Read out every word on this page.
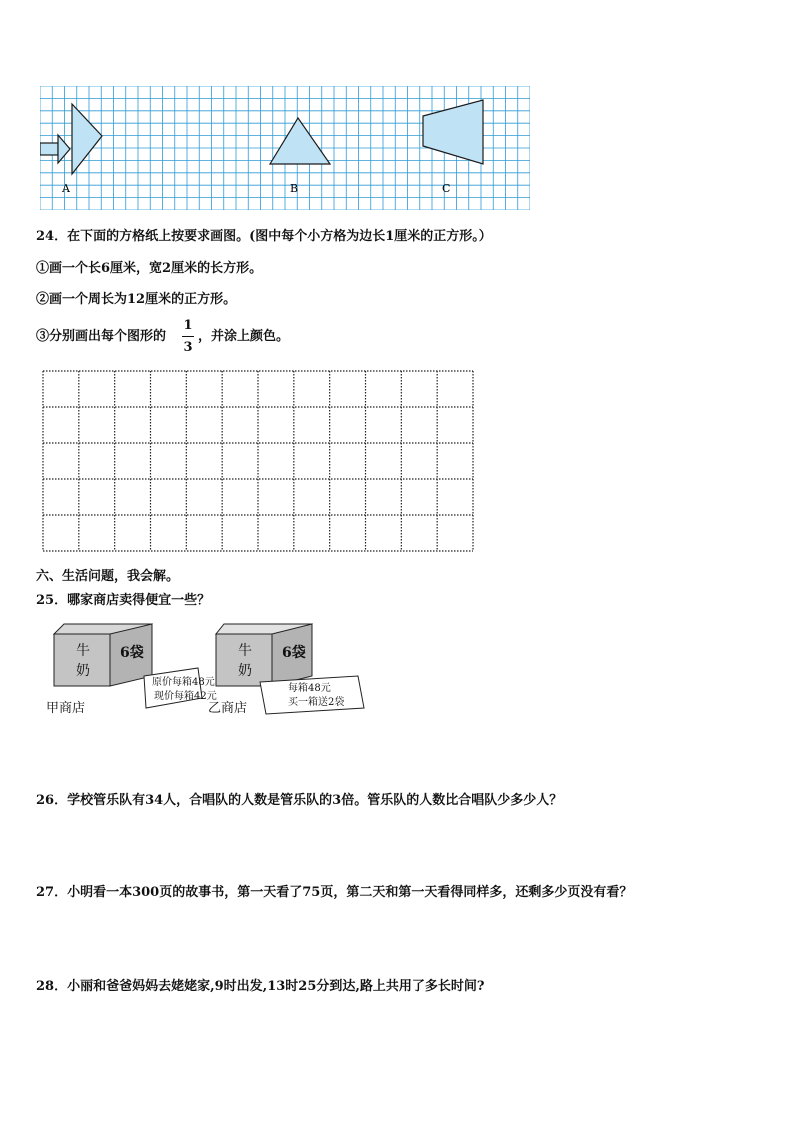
A	B	C
24．在下面的方格纸上按要求画图。(图中每个小方格为边长1厘米的正方形。）
①画一个长6厘米，宽2厘米的长方形。
②画一个周长为12厘米的正方形。
③分别画出每个图形的
1
3
，并涂上颜色。
六、生活问题，我会解。
25．哪家商店卖得便宜一些？
牛
奶
6袋
原价每箱48元
现价每箱42元
甲商店
牛
奶
6袋
每箱48元
买一箱送2袋
乙商店
26．学校管乐队有34人，合唱队的人数是管乐队的3倍。管乐队的人数比合唱队少多少人？
27．小明看一本300页的故事书，第一天看了75页，第二天和第一天看得同样多，还剩多少页没有看？
28．小丽和爸爸妈妈去姥姥家,9时出发,13时25分到达,路上共用了多长时间?
